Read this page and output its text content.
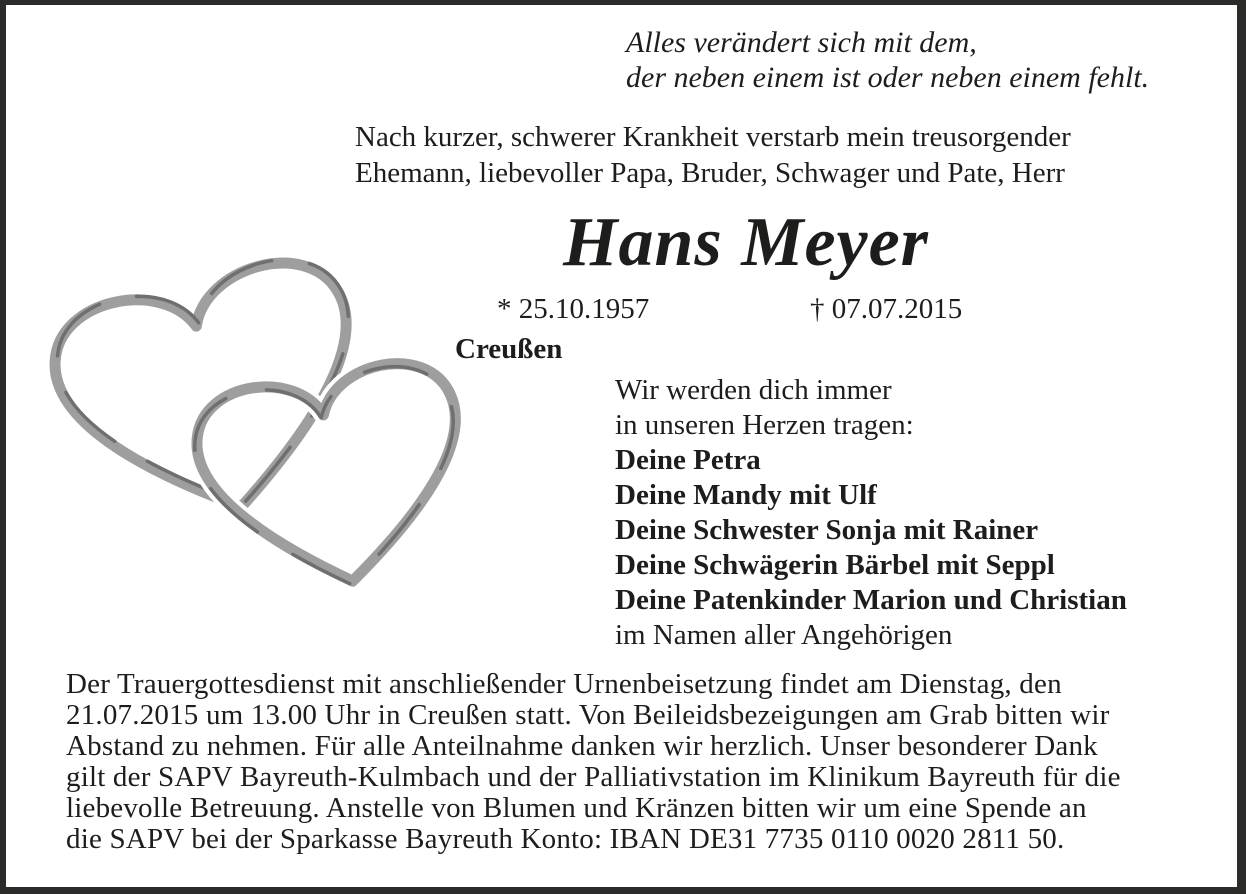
Alles verändert sich mit dem,
der neben einem ist oder neben einem fehlt.
Nach kurzer, schwerer Krankheit verstarb mein treusorgender
Ehemann, liebevoller Papa, Bruder, Schwager und Pate, Herr
Hans Meyer
* 25.10.1957	† 07.07.2015
Creußen
Wir werden dich immer
in unseren Herzen tragen:
Deine Petra
Deine Mandy mit Ulf
Deine Schwester Sonja mit Rainer
Deine Schwägerin Bärbel mit Seppl
Deine Patenkinder Marion und Christian
im Namen aller Angehörigen
Der Trauergottesdienst mit anschließender Urnenbeisetzung findet am Dienstag, den
21.07.2015 um 13.00 Uhr in Creußen statt. Von Beileidsbezeigungen am Grab bitten wir
Abstand zu nehmen. Für alle Anteilnahme danken wir herzlich. Unser besonderer Dank
gilt der SAPV Bayreuth-Kulmbach und der Palliativstation im Klinikum Bayreuth für die
liebevolle Betreuung. Anstelle von Blumen und Kränzen bitten wir um eine Spende an
die SAPV bei der Sparkasse Bayreuth Konto: IBAN DE31 7735 0110 0020 2811 50.
